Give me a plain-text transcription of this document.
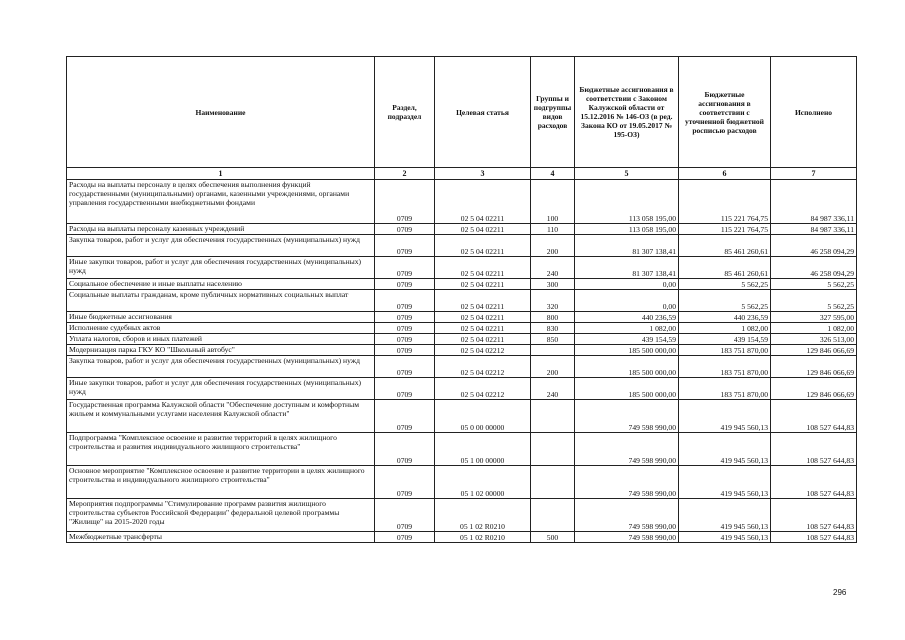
Наименование	Раздел, подраздел	Целевая статья	Группы и подгруппы видов расходов	Бюджетные ассигнования в соответствии с Законом Калужской области от 15.12.2016 № 146-ОЗ (в ред. Закона КО от 19.05.2017 № 195-ОЗ)	Бюджетные ассигнования в соответствии с уточненной бюджетной росписью расходов	Исполнено
1	2	3	4	5	6	7
Расходы на выплаты персоналу в целях обеспечения выполнения функций государственными (муниципальными) органами, казенными учреждениями, органами управления государственными внебюджетными фондами	0709	02 5 04 02211	100	113 058 195,00	115 221 764,75	84 987 336,11
Расходы на выплаты персоналу казенных учреждений	0709	02 5 04 02211	110	113 058 195,00	115 221 764,75	84 987 336,11
Закупка товаров, работ и услуг для обеспечения государственных (муниципальных) нужд	0709	02 5 04 02211	200	81 307 138,41	85 461 260,61	46 258 094,29
Иные закупки товаров, работ и услуг для обеспечения государственных (муниципальных) нужд	0709	02 5 04 02211	240	81 307 138,41	85 461 260,61	46 258 094,29
Социальное обеспечение и иные выплаты населению	0709	02 5 04 02211	300	0,00	5 562,25	5 562,25
Социальные выплаты гражданам, кроме публичных нормативных социальных выплат	0709	02 5 04 02211	320	0,00	5 562,25	5 562,25
Иные бюджетные ассигнования	0709	02 5 04 02211	800	440 236,59	440 236,59	327 595,00
Исполнение судебных актов	0709	02 5 04 02211	830	1 082,00	1 082,00	1 082,00
Уплата налогов, сборов и иных платежей	0709	02 5 04 02211	850	439 154,59	439 154,59	326 513,00
Модернизация парка ГКУ КО "Школьный автобус"	0709	02 5 04 02212		185 500 000,00	183 751 870,00	129 846 066,69
Закупка товаров, работ и услуг для обеспечения государственных (муниципальных) нужд	0709	02 5 04 02212	200	185 500 000,00	183 751 870,00	129 846 066,69
Иные закупки товаров, работ и услуг для обеспечения государственных (муниципальных) нужд	0709	02 5 04 02212	240	185 500 000,00	183 751 870,00	129 846 066,69
Государственная программа Калужской области "Обеспечение доступным и комфортным жильем и коммунальными услугами населения Калужской области"	0709	05 0 00 00000		749 598 990,00	419 945 560,13	108 527 644,83
Подпрограмма "Комплексное освоение и развитие территорий в целях жилищного строительства и развития индивидуального жилищного строительства"	0709	05 1 00 00000		749 598 990,00	419 945 560,13	108 527 644,83
Основное мероприятие "Комплексное освоение и развитие территории в целях жилищного строительства и индивидуального жилищного строительства"	0709	05 1 02 00000		749 598 990,00	419 945 560,13	108 527 644,83
Мероприятия подпрограммы "Стимулирование программ развития жилищного строительства субъектов Российской Федерации" федеральной целевой программы "Жилище" на 2015-2020 годы	0709	05 1 02 R0210		749 598 990,00	419 945 560,13	108 527 644,83
Межбюджетные трансферты	0709	05 1 02 R0210	500	749 598 990,00	419 945 560,13	108 527 644,83
296
